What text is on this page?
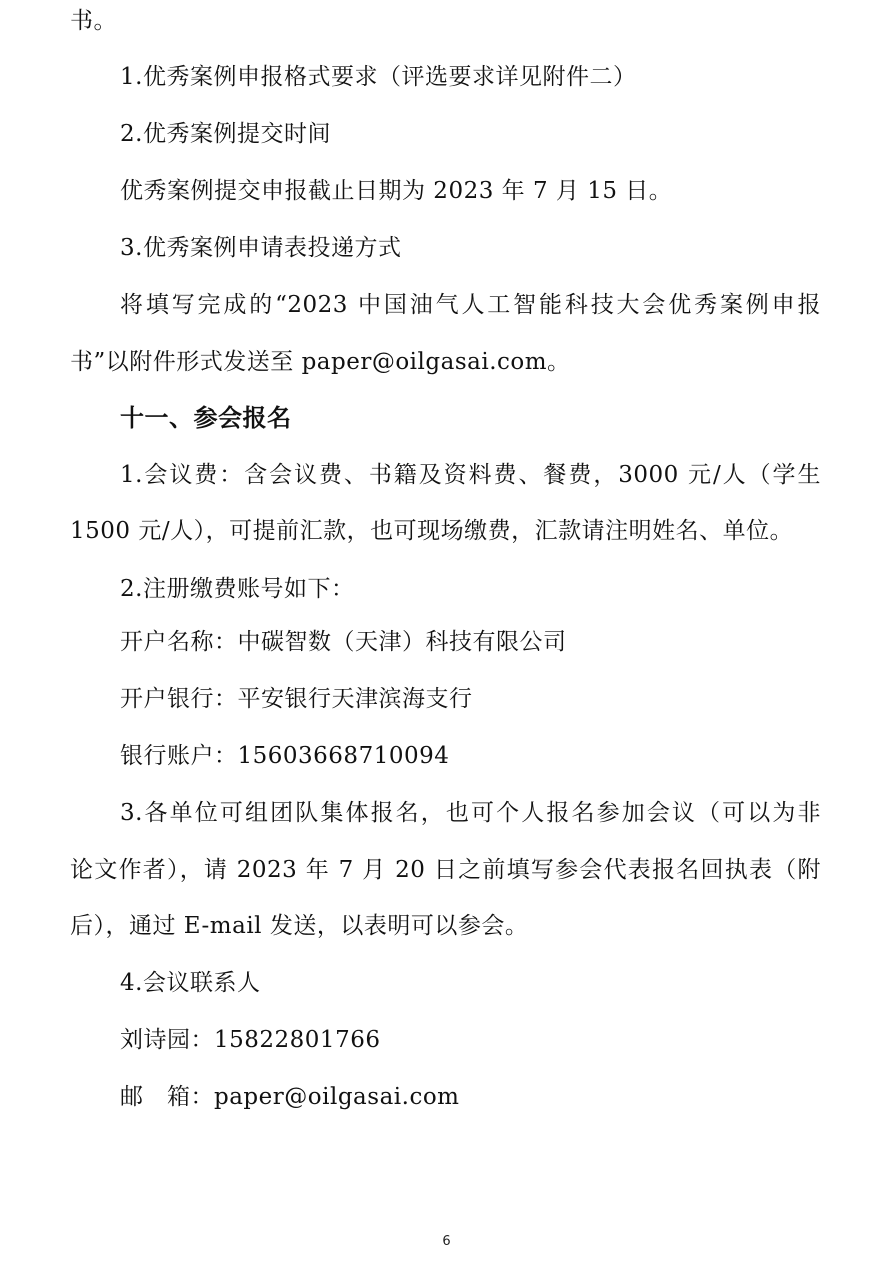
书。
1.优秀案例申报格式要求（评选要求详见附件二）
2.优秀案例提交时间
优秀案例提交申报截止日期为 2023 年 7 月 15 日。
3.优秀案例申请表投递方式
将填写完成的“2023 中国油气人工智能科技大会优秀案例申报
书”以附件形式发送至 paper@oilgasai.com。
十一、参会报名
1.会议费：含会议费、书籍及资料费、餐费，3000 元/人（学生
1500 元/人），可提前汇款，也可现场缴费，汇款请注明姓名、单位。
2.注册缴费账号如下：
开户名称：中碳智数（天津）科技有限公司
开户银行：平安银行天津滨海支行
银行账户：15603668710094
3.各单位可组团队集体报名，也可个人报名参加会议（可以为非
论文作者），请 2023 年 7 月 20 日之前填写参会代表报名回执表（附
后），通过 E-mail 发送，以表明可以参会。
4.会议联系人
刘诗园：15822801766
邮　箱：paper@oilgasai.com
6
